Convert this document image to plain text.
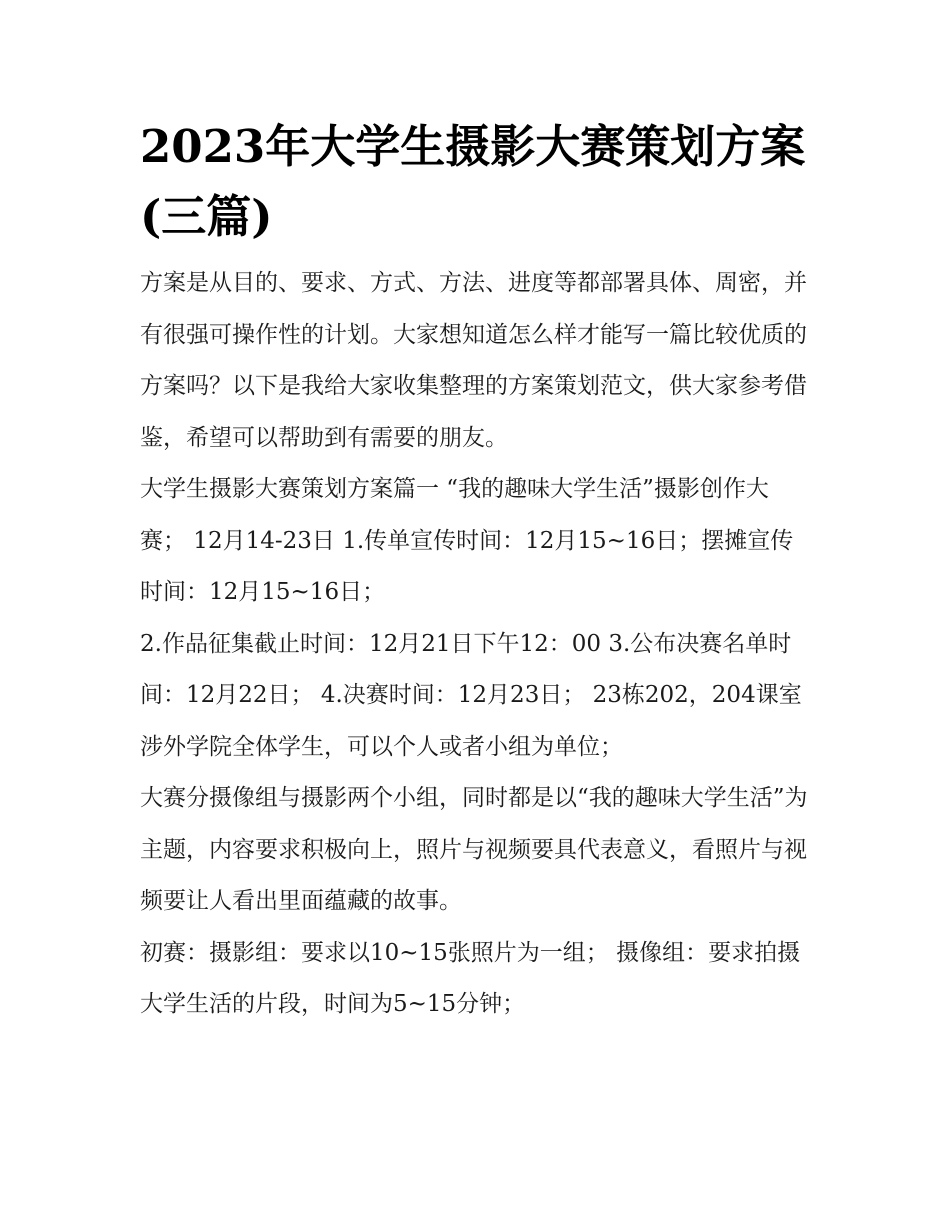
2023年大学生摄影大赛策划方案(三篇)

方案是从目的、要求、方式、方法、进度等都部署具体、周密，并有很强可操作性的计划。大家想知道怎么样才能写一篇比较优质的方案吗？以下是我给大家收集整理的方案策划范文，供大家参考借鉴，希望可以帮助到有需要的朋友。

大学生摄影大赛策划方案篇一 “我的趣味大学生活”摄影创作大赛； 12月14-23日 1.传单宣传时间：12月15~16日；摆摊宣传时间：12月15~16日；

2.作品征集截止时间：12月21日下午12：00 3.公布决赛名单时间：12月22日； 4.决赛时间：12月23日； 23栋202，204课室

涉外学院全体学生，可以个人或者小组为单位；

大赛分摄像组与摄影两个小组，同时都是以“我的趣味大学生活”为主题，内容要求积极向上，照片与视频要具代表意义，看照片与视频要让人看出里面蕴藏的故事。

初赛：摄影组：要求以10~15张照片为一组； 摄像组：要求拍摄大学生活的片段，时间为5~15分钟；
